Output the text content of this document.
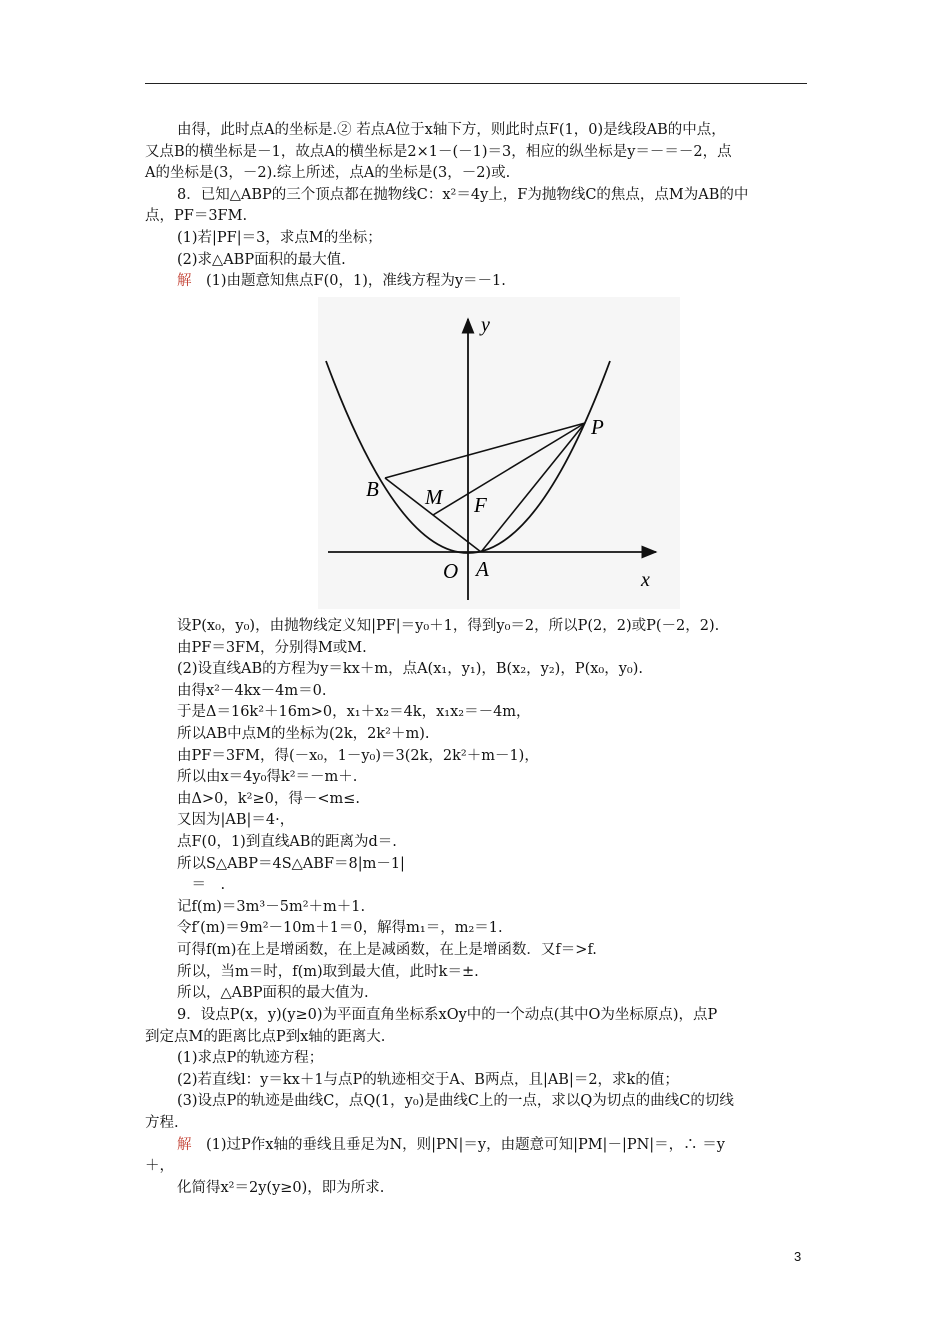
由得，此时点A的坐标是.② 若点A位于x轴下方，则此时点F(1，0)是线段AB的中点，
又点B的横坐标是－1，故点A的横坐标是2×1－(－1)＝3，相应的纵坐标是y＝－＝－2，点
A的坐标是(3，－2).综上所述，点A的坐标是(3，－2)或.
8．已知△ABP的三个顶点都在抛物线C：x²＝4y上，F为抛物线C的焦点，点M为AB的中
点，PF＝3FM.
(1)若|PF|＝3，求点M的坐标；
(2)求△ABP面积的最大值.
解　(1)由题意知焦点F(0，1)，准线方程为y＝－1.
y
x
P
B M F
O A
设P(x₀，y₀)，由抛物线定义知|PF|＝y₀＋1，得到y₀＝2，所以P(2，2)或P(－2，2).
由PF＝3FM，分别得M或M.
(2)设直线AB的方程为y＝kx＋m，点A(x₁，y₁)，B(x₂，y₂)，P(x₀，y₀).
由得x²－4kx－4m＝0.
于是Δ＝16k²＋16m>0，x₁＋x₂＝4k，x₁x₂＝－4m，
所以AB中点M的坐标为(2k，2k²＋m).
由PF＝3FM，得(－x₀，1－y₀)＝3(2k，2k²＋m－1)，
所以由x＝4y₀得k²＝－m＋.
由Δ>0，k²≥0，得－<m≤.
又因为|AB|＝4·，
点F(0，1)到直线AB的距离为d＝.
所以S△ABP＝4S△ABF＝8|m－1|
　＝　.
记f(m)＝3m³－5m²＋m＋1.
令f′(m)＝9m²－10m＋1＝0，解得m₁＝，m₂＝1.
可得f(m)在上是增函数，在上是减函数，在上是增函数．又f＝>f.
所以，当m＝时，f(m)取到最大值，此时k＝±.
所以，△ABP面积的最大值为.
9．设点P(x，y)(y≥0)为平面直角坐标系xOy中的一个动点(其中O为坐标原点)，点P
到定点M的距离比点P到x轴的距离大.
(1)求点P的轨迹方程；
(2)若直线l：y＝kx＋1与点P的轨迹相交于A、B两点，且|AB|＝2，求k的值；
(3)设点P的轨迹是曲线C，点Q(1，y₀)是曲线C上的一点，求以Q为切点的曲线C的切线
方程.
解　(1)过P作x轴的垂线且垂足为N，则|PN|＝y，由题意可知|PM|－|PN|＝，∴ ＝y
＋，
化简得x²＝2y(y≥0)，即为所求.
3
